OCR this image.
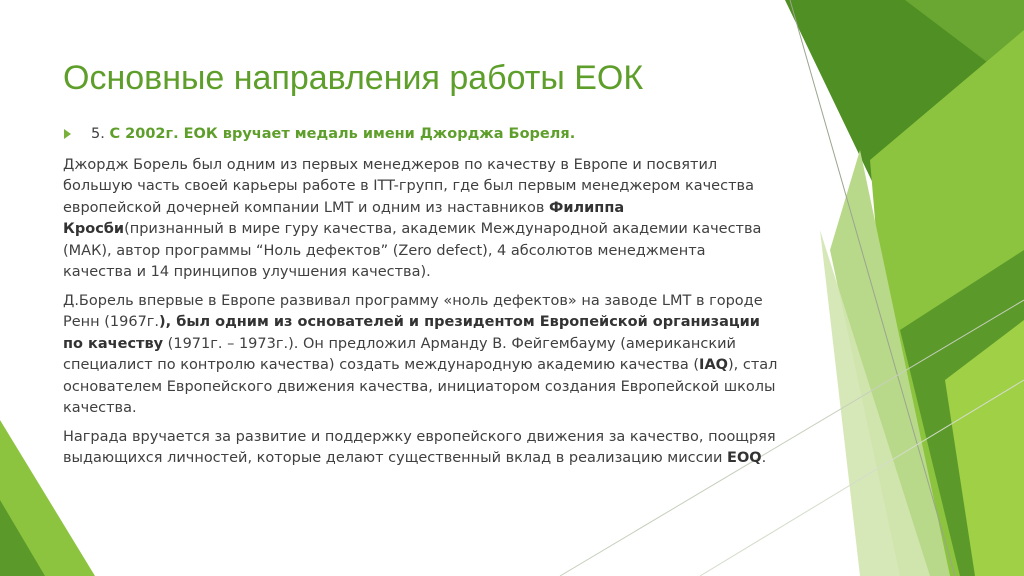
Основные направления работы ЕОК
5. С 2002г. ЕОК вручает медаль имени Джорджа Бореля.

Джордж Борель был одним из первых менеджеров по качеству в Европе и посвятил большую часть своей карьеры работе в ITT-групп, где был первым менеджером качества европейской дочерней компании LMT и одним из наставников Филиппа Кросби(признанный в мире гуру качества, академик Международной академии качества (МАК), автор программы “Ноль дефектов” (Zero defect), 4 абсолютов менеджмента качества и 14 принципов улучшения качества).

Д.Борель впервые в Европе развивал программу «ноль дефектов» на заводе LMT в городе Ренн (1967г.), был одним из основателей и президентом Европейской организации по качеству (1971г. – 1973г.). Он предложил Арманду В. Фейгембауму (американский специалист по контролю качества) создать международную академию качества (IAQ), стал основателем Европейского движения качества, инициатором создания Европейской школы качества.

Награда вручается за развитие и поддержку европейского движения за качество, поощряя выдающихся личностей, которые делают существенный вклад в реализацию миссии EOQ.
